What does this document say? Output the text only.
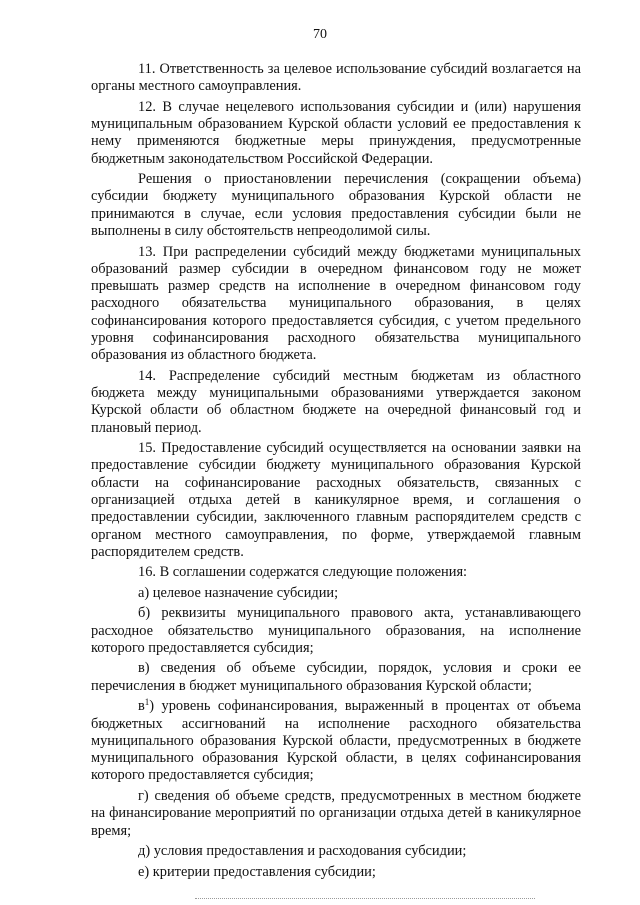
70

11. Ответственность за целевое использование субсидий возлагается на органы местного самоуправления.

12. В случае нецелевого использования субсидии и (или) нарушения муниципальным образованием Курской области условий ее предоставления к нему применяются бюджетные меры принуждения, предусмотренные бюджетным законодательством Российской Федерации.

Решения о приостановлении перечисления (сокращении объема) субсидии бюджету муниципального образования Курской области не принимаются в случае, если условия предоставления субсидии были не выполнены в силу обстоятельств непреодолимой силы.

13. При распределении субсидий между бюджетами муниципальных образований размер субсидии в очередном финансовом году не может превышать размер средств на исполнение в очередном финансовом году расходного обязательства муниципального образования, в целях софинансирования которого предоставляется субсидия, с учетом предельного уровня софинансирования расходного обязательства муниципального образования из областного бюджета.

14. Распределение субсидий местным бюджетам из областного бюджета между муниципальными образованиями утверждается законом Курской области об областном бюджете на очередной финансовый год и плановый период.

15. Предоставление субсидий осуществляется на основании заявки на предоставление субсидии бюджету муниципального образования Курской области на софинансирование расходных обязательств, связанных с организацией отдыха детей в каникулярное время, и соглашения о предоставлении субсидии, заключенного главным распорядителем средств с органом местного самоуправления, по форме, утверждаемой главным распорядителем средств.

16. В соглашении содержатся следующие положения:

а) целевое назначение субсидии;

б) реквизиты муниципального правового акта, устанавливающего расходное обязательство муниципального образования, на исполнение которого предоставляется субсидия;

в) сведения об объеме субсидии, порядок, условия и сроки ее перечисления в бюджет муниципального образования Курской области;

$в^1$) уровень софинансирования, выраженный в процентах от объема бюджетных ассигнований на исполнение расходного обязательства муниципального образования Курской области, предусмотренных в бюджете муниципального образования Курской области, в целях софинансирования которого предоставляется субсидия;

г) сведения об объеме средств, предусмотренных в местном бюджете на финансирование мероприятий по организации отдыха детей в каникулярное время;

д) условия предоставления и расходования субсидии;

е) критерии предоставления субсидии;
